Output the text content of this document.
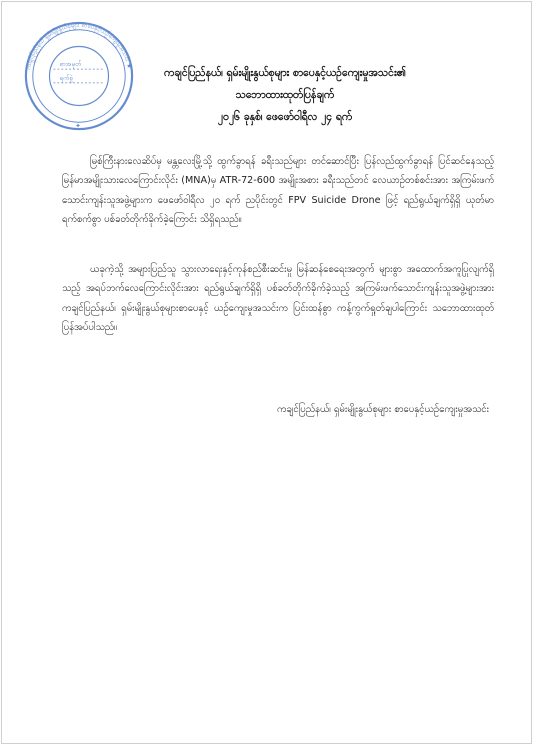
ကချင်ပြည်နယ် ရှမ်းမျိုးနွယ်စုများ စာပေနှင့်ယဉ်ကျေးမှုအသင်း ★
စာအမှတ်
ရက်စွဲ
✦
ကချင်ပြည်နယ်၊ ရှမ်းမျိုးနွယ်စုများ စာပေနှင့်ယဉ်ကျေးမှုအသင်း၏
သဘောထားထုတ်ပြန်ချက်
၂၀၂၆ ခုနှစ်၊ ဖေဖော်ဝါရီလ ၂၄ ရက်
မြစ်ကြီးနားလေဆိပ်မှ မန္တလေးမြို့သို့ ထွက်ခွာရန် ခရီးသည်များ တင်ဆောင်ပြီး ပြန်လည်ထွက်ခွာရန် ပြင်ဆင်နေသည့် မြန်မာအမျိုးသားလေကြောင်းလိုင်း (MNA)မှ ATR-72-600 အမျိုးအစား ခရီးသည်တင် လေယာဉ်တစ်စင်းအား အကြမ်းဖက်သောင်းကျန်းသူအဖွဲ့များက ဖေဖော်ဝါရီလ ၂၀ ရက် ညပိုင်းတွင် FPV Suicide Drone ဖြင့် ရည်ရွယ်ချက်ရှိရှိ ယုတ်မာရက်စက်စွာ ပစ်ခတ်တိုက်ခိုက်ခဲ့ကြောင်း သိရှိရသည်။
ယခုကဲ့သို့ အများပြည်သူ သွားလာရေးနှင့်ကုန်စည်စီးဆင်းမှု မြန်ဆန်စေရေးအတွက် များစွာ အထောက်အကူပြုလျက်ရှိသည့် အရပ်ဘက်လေကြောင်းလိုင်းအား ရည်ရွယ်ချက်ရှိရှိ ပစ်ခတ်တိုက်ခိုက်ခဲ့သည့် အကြမ်းဖက်သောင်းကျန်းသူအဖွဲ့များအား ကချင်ပြည်နယ်၊ ရှမ်းမျိုးနွယ်စုများစာပေနှင့် ယဉ်ကျေးမှုအသင်းက ပြင်းထန်စွာ ကန့်ကွက်ရှုတ်ချပါကြောင်း သဘောထားထုတ်ပြန်အပ်ပါသည်။
ကချင်ပြည်နယ်၊ ရှမ်းမျိုးနွယ်စုများ စာပေနှင့်ယဉ်ကျေးမှုအသင်း
